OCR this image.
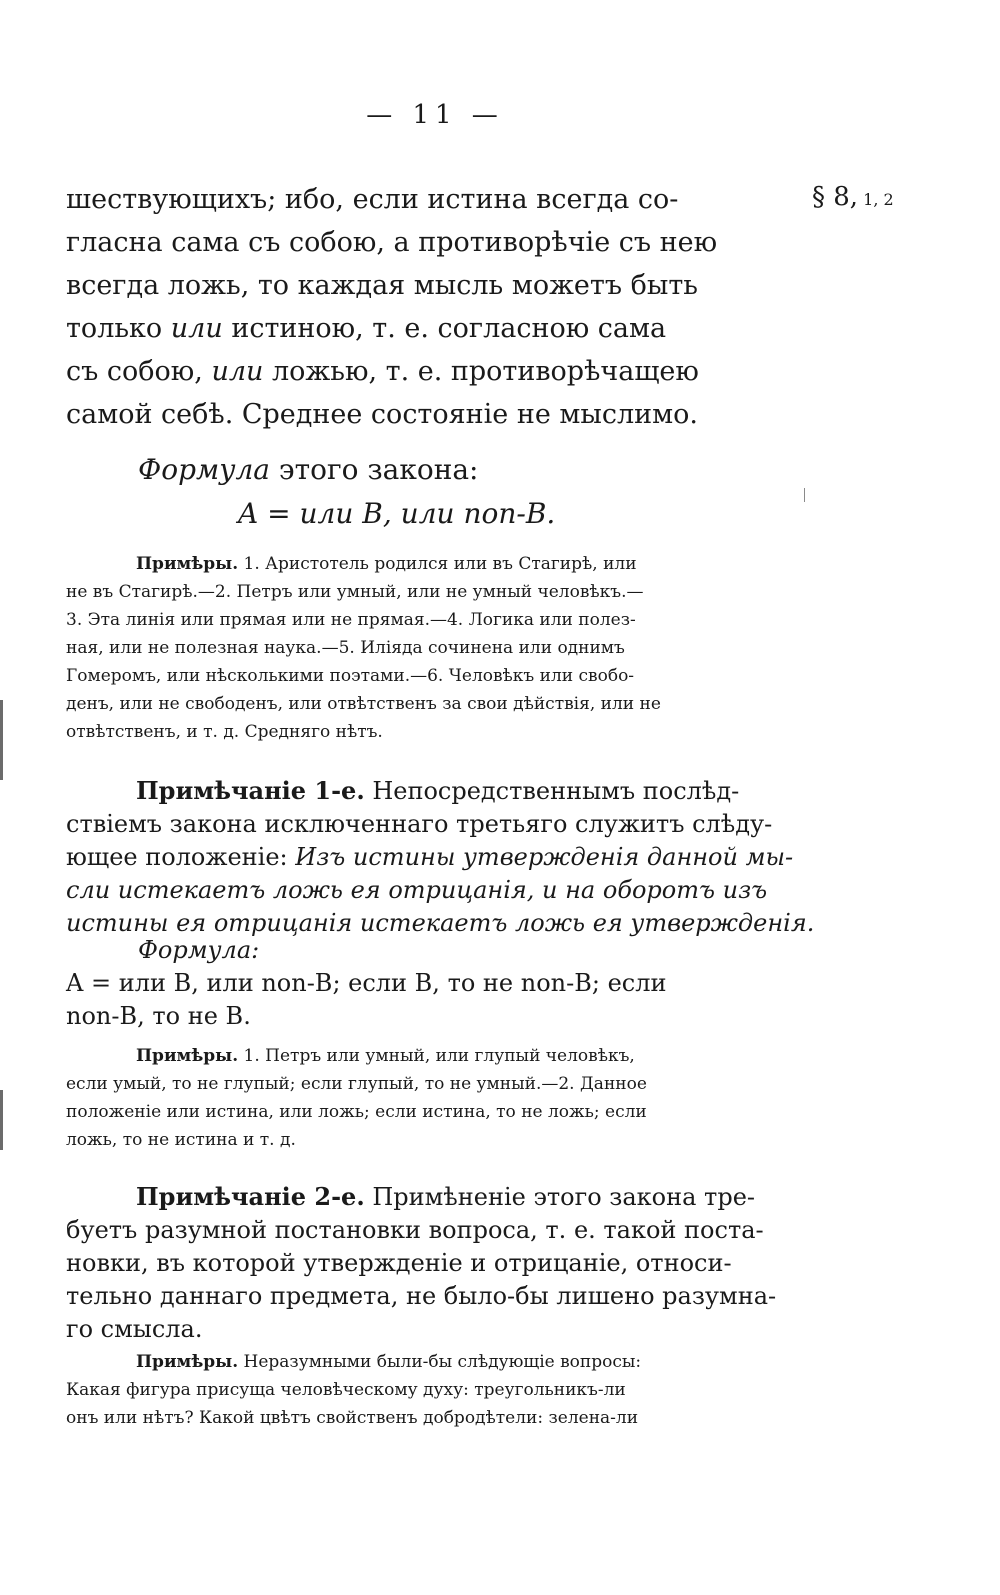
— 11 —
§ 8, 1, 2
шествующихъ; ибо, если истина всегда со-
гласна сама съ собою, а противорѣчіе съ нею
всегда ложь, то каждая мысль можетъ быть
только или истиною, т. е. согласною сама
съ собою, или ложью, т. е. противорѣчащею
самой себѣ. Среднее состояніе не мыслимо.
Формула этого закона:
A = или B, или non-B.
Примѣры. 1. Аристотель родился или въ Стагирѣ, или
не въ Стагирѣ.—2. Петръ или умный, или не умный человѣкъ.—
3. Эта линія или прямая или не прямая.—4. Логика или полез-
ная, или не полезная наука.—5. Иліяда сочинена или однимъ
Гомеромъ, или нѣсколькими поэтами.—6. Человѣкъ или свобо-
денъ, или не свободенъ, или отвѣтственъ за свои дѣйствія, или не
отвѣтственъ, и т. д. Средняго нѣтъ.
Примѣчаніе 1-е. Непосредственнымъ послѣд-
ствіемъ закона исключеннаго третьяго служитъ слѣду-
ющее положеніе: Изъ истины утвержденія данной мы-
сли истекаетъ ложь ея отрицанія, и на оборотъ изъ
истины ея отрицанія истекаетъ ложь ея утвержденія.
Формула:
A = или B, или non-B; если B, то не non-B; если
non-B, то не B.
Примѣры. 1. Петръ или умный, или глупый человѣкъ,
если умый, то не глупый; если глупый, то не умный.—2. Данное
положеніе или истина, или ложь; если истина, то не ложь; если
ложь, то не истина и т. д.
Примѣчаніе 2-е. Примѣненіе этого закона тре-
буетъ разумной постановки вопроса, т. е. такой поста-
новки, въ которой утвержденіе и отрицаніе, относи-
тельно даннаго предмета, не было-бы лишено разумна-
го смысла.
Примѣры. Неразумными были-бы слѣдующіе вопросы:
Какая фигура присуща человѣческому духу: треугольникъ-ли
онъ или нѣтъ? Какой цвѣтъ свойственъ добродѣтели: зелена-ли
